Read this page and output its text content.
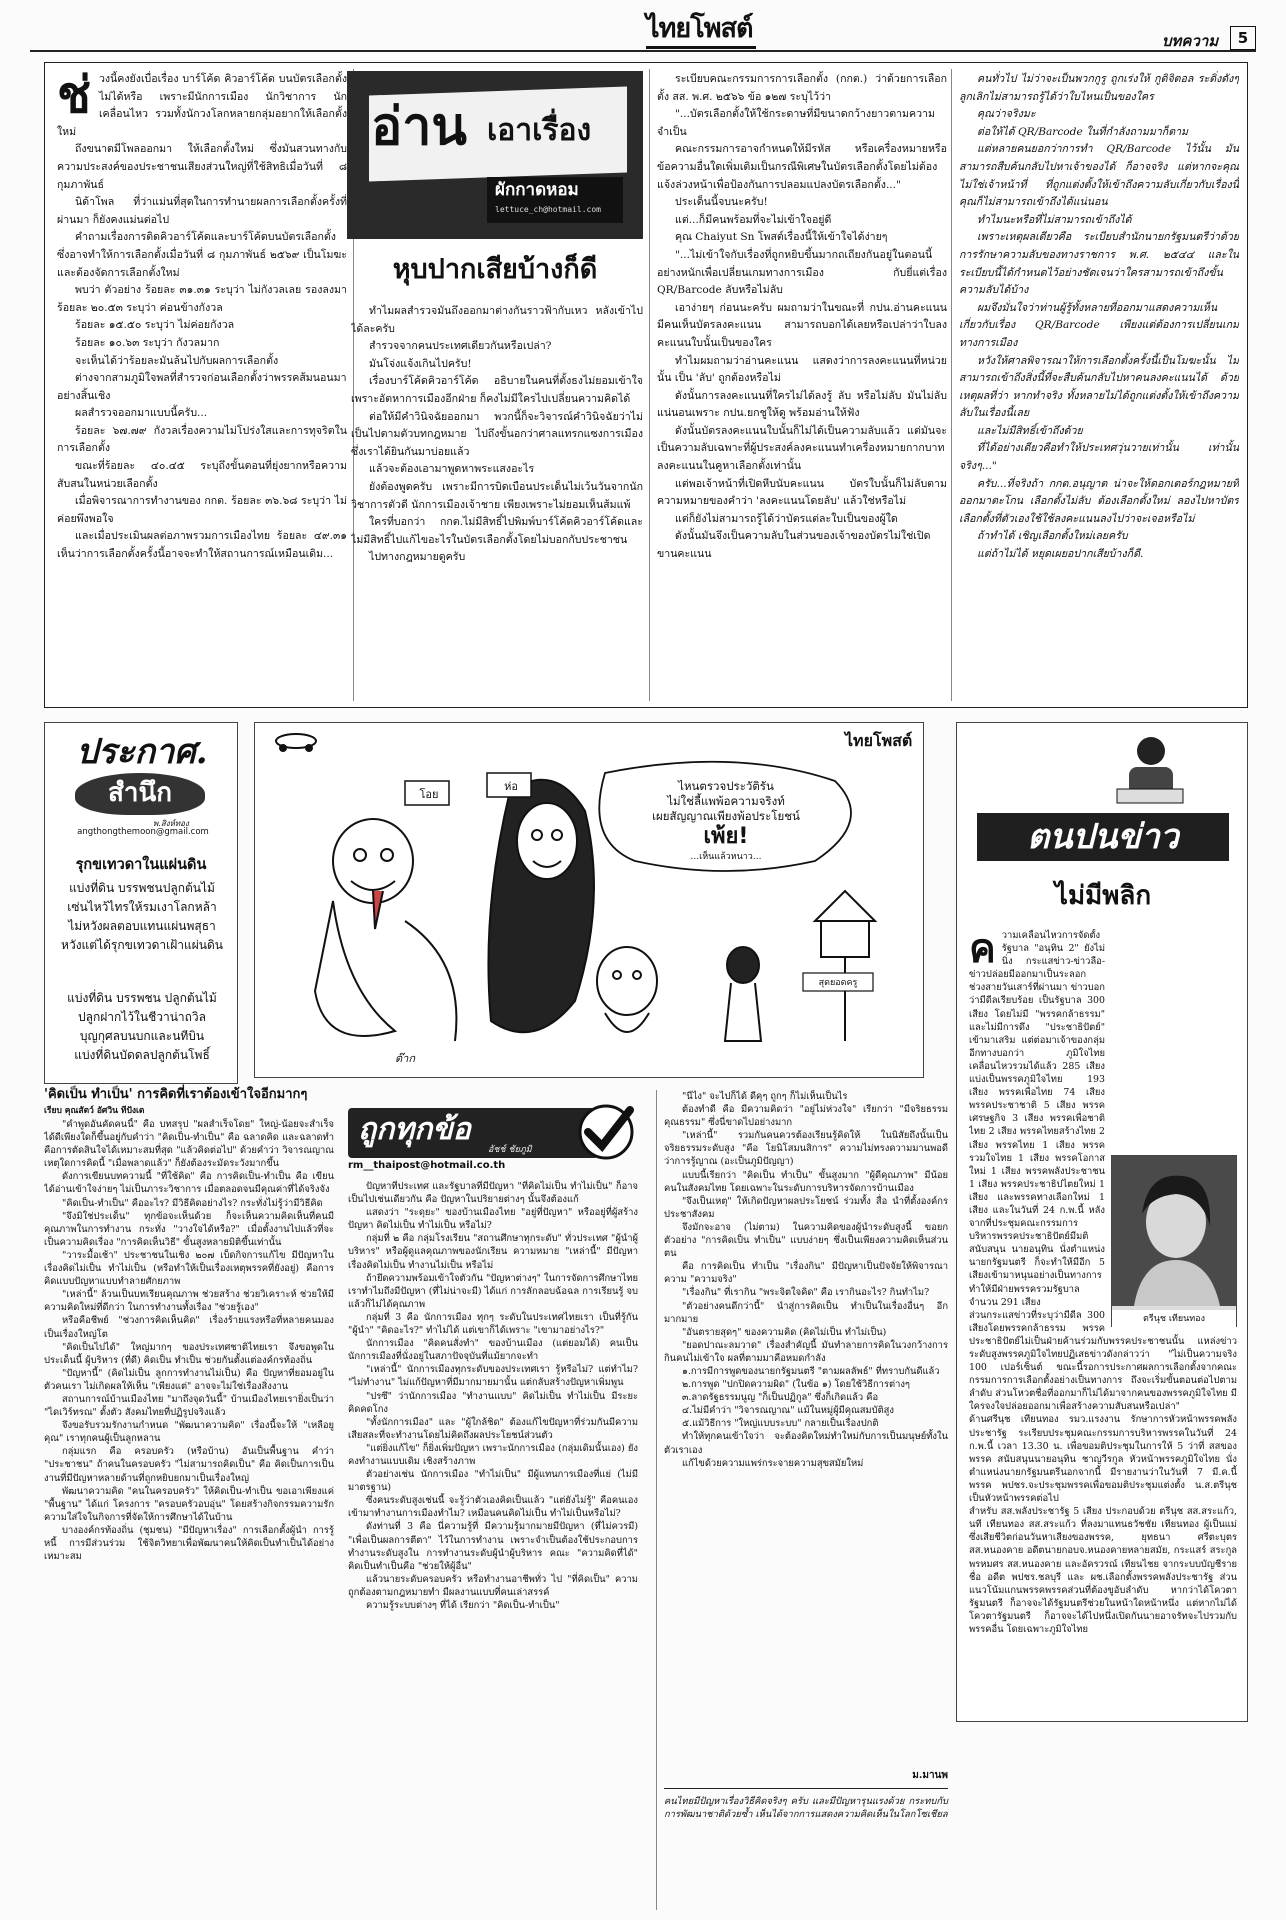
ไทยโพสต์	บทความ	5
ช่ วงนี้คงยังเบื่อเรื่อง บาร์โค้ด คิวอาร์โค้ด บนบัตรเลือกตั้ง ไม่ได้หรือ เพราะมีนักการเมือง นักวิชาการ นักเคลื่อนไหว รวมทั้งนักวงโลกหลายกลุ่มอยากให้เลือกตั้งใหม่

ถึงขนาดมีโพลออกมา ให้เลือกตั้งใหม่ ซึ่งมันสวนทางกับความประสงค์ของประชาชนเสียงส่วนใหญ่ที่ใช้สิทธิเมื่อวันที่ ๘ กุมภาพันธ์

นิด้าโพล ที่ว่าแม่นที่สุดในการทำนายผลการเลือกตั้งครั้งที่ผ่านมา ก็ยังคงแม่นต่อไป

คำถามเรื่องการติดคิวอาร์โค้ดและบาร์โค้ดบนบัตรเลือกตั้ง ซึ่งอาจทำให้การเลือกตั้งเมื่อวันที่ ๘ กุมภาพันธ์ ๒๕๖๙ เป็นโมฆะและต้องจัดการเลือกตั้งใหม่

พบว่า ตัวอย่าง ร้อยละ ๓๑.๓๑ ระบุว่า ไม่กังวลเลย รองลงมา ร้อยละ ๒๐.๕๓ ระบุว่า ค่อนข้างกังวล

ร้อยละ ๑๕.๕๐ ระบุว่า ไม่ค่อยกังวล

ร้อยละ ๑๐.๖๓ ระบุว่า กังวลมาก

จะเห็นได้ว่าร้อยละมันล้นไปกับผลการเลือกตั้ง

ต่างจากสามภูมิใจพลที่สำรวจก่อนเลือกตั้งว่าพรรคส้มนอนมาอย่างสิ้นเชิง

ผลสำรวจออกมาแบบนี้ครับ...

ร้อยละ ๖๗.๗๙ กังวลเรื่องความไม่โปร่งใสและการทุจริตในการเลือกตั้ง

ขณะที่ร้อยละ ๔๐.๔๕ ระบุถึงขั้นตอนที่ยุ่งยากหรือความสับสนในหน่วยเลือกตั้ง

เมื่อพิจารณาการทำงานของ กกต. ร้อยละ ๓๖.๖๘ ระบุว่า ไม่ค่อยพึงพอใจ

และเมื่อประเมินผลต่อภาพรวมการเมืองไทย ร้อยละ ๔๙.๓๑ เห็นว่าการเลือกตั้งครั้งนี้อาจจะทำให้สถานการณ์เหมือนเดิม...

อ่าน เอาเรื่อง
ผักกาดหอม
lettuce_ch@hotmail.com
หุบปากเสียบ้างก็ดี

ทำไมผลสำรวจมันถึงออกมาต่างกันราวฟ้ากับเหว หลังเข้าไปได้ละครับ

สำรวจจากคนประเทศเดียวกันหรือเปล่า?

มันโจ่งแจ้งเกินไปครับ!

เรื่องบาร์โค้ดคิวอาร์โค้ด อธิบายในคนที่ตั้งธงไม่ยอมเข้าใจเพราะอัตหาการเมืองอีกฝ่าย ก็คงไม่มีใครไปเปลี่ยนความคิดได้

ต่อให้มีคำวินิจฉัยออกมา พวกนี้ก็จะวิจารณ์คำวินิจฉัยว่าไม่เป็นไปตามตัวบทกฎหมาย ไปถึงขั้นอกว่าศาลแทรกแซงการเมือง ซึ่งเราได้ยินกันมาบ่อยแล้ว

แล้วจะต้องเอามาพูดหาพระแสงอะไร

ยังต้องพูดครับ เพราะมีการบิดเบือนประเด็นไม่เว้นวันจากนักวิชาการตัวดี นักการเมืองเจ้าชาย เพียงเพราะไม่ยอมเห็นส้มแพ้

ใครที่บอกว่า กกต.ไม่มีสิทธิ์ไปพิมพ์บาร์โค้ดคิวอาร์โค้ดและไม่มีสิทธิ์ไปแก้ไขอะไรในบัตรเลือกตั้งโดยไม่บอกกับประชาชน

ไปทางกฎหมายดูครับ

ระเบียบคณะกรรมการการเลือกตั้ง (กกต.) ว่าด้วยการเลือกตั้ง สส. พ.ศ. ๒๕๖๖ ข้อ ๑๒๗ ระบุไว้ว่า

"...บัตรเลือกตั้งให้ใช้กระดาษที่มีขนาดกว้างยาวตามความจำเป็น

คณะกรรมการอาจกำหนดให้มีรหัส หรือเครื่องหมายหรือข้อความอื่นใดเพิ่มเติมเป็นกรณีพิเศษในบัตรเลือกตั้งโดยไม่ต้องแจ้งล่วงหน้าเพื่อป้องกันการปลอมแปลงบัตรเลือกตั้ง..."

ประเด็นนี้จบนะครับ!

แต่...ก็มีคนพร้อมที่จะไม่เข้าใจอยู่ดี

คุณ Chaiyut Sn โพสต์เรื่องนี้ให้เข้าใจได้ง่ายๆ

"...ไม่เข้าใจกับเรื่องที่ถูกหยิบขึ้นมากถเถียงกันอยู่ในตอนนี้อย่างหนักเพื่อเปลี่ยนเกมทางการเมือง กับยี่แต่เรื่อง QR/Barcode ลับหรือไม่ลับ

เอาง่ายๆ ก่อนนะครับ ผมถามว่าในขณะที่ กปน.อ่านคะแนนมีคนเห็นบัตรลงคะแนน สามารถบอกได้เลยหรือเปล่าว่าใบลงคะแนนใบนั้นเป็นของใคร

ทำไมผมถามว่าอ่านคะแนน แสดงว่าการลงคะแนนที่หน่วยนั้น เป็น 'ลับ' ถูกต้องหรือไม่

ดังนั้นการลงคะแนนที่ใครไม่ได้ลงรู้ ลับ หรือไม่ลับ มันไม่ลับแน่นอนเพราะ กปน.ยกชูให้ดู พร้อมอ่านให้ฟัง

ดังนั้นบัตรลงคะแนนใบนั้นก็ไม่ได้เป็นความลับแล้ว แต่มันจะเป็นความลับเฉพาะที่ผู้ประสงค์ลงคะแนนทำเครื่องหมายกากบาทลงคะแนนในคูหาเลือกตั้งเท่านั้น

แต่พอเจ้าหน้าที่เปิดหีบนับคะแนน บัตรใบนั้นก็ไม่ลับตามความหมายของคำว่า 'ลงคะแนนโดยลับ' แล้วใช่หรือไม่

แต่ก็ยังไม่สามารถรู้ได้ว่าบัตรแต่ละใบเป็นของผู้ใด

ดังนั้นมันจึงเป็นความลับในส่วนของเจ้าของบัตรไม่ใช่เปิดขานคะแนน

คนทั่วไป ไม่ว่าจะเป็นพวกกูรู ถูกเร่งให้ กูดิจิตอล ระดิ่งดังๆ ลูกเลิกไม่สามารถรู้ได้ว่าใบไหนเป็นของใคร

คุณว่าจริงมะ

ต่อให้ได้ QR/Barcode ในที่กำลังถามมาก็ตาม

แต่หลายคนยอกว่าการทำ QR/Barcode ไว้นั้น มันสามารถสืบค้นกลับไปหาเจ้าของได้ ก็อาจจริง แต่หากจะคุณไม่ใช่เจ้าหน้าที่ ที่ถูกแต่งตั้งให้เข้าถึงความลับเกี่ยวกับเรื่องนี้ คุณก็ไม่สามารถเข้าถึงได้แน่นอน

ทำไมนะหรือที่ไม่สามารถเข้าถึงได้

เพราะเหตุผลเดียวคือ ระเบียบสำนักนายกรัฐมนตรีว่าด้วยการรักษาความลับของทางราชการ พ.ศ. ๒๕๔๔ และในระเบียบนี้ได้กำหนดไว้อย่างชัดเจนว่าใครสามารถเข้าถึงขั้นความลับได้บ้าง

ผมจึงมั่นใจว่าท่านผู้รู้ทั้งหลายที่ออกมาแสดงความเห็นเกี่ยวกับเรื่อง QR/Barcode เพียงแต่ต้องการเปลี่ยนเกมทางการเมือง

หวังให้ศาลพิจารณาให้การเลือกตั้งครั้งนี้เป็นโมฆะนั้น ไม่สามารถเข้าถึงสิ่งนี้ที่จะสืบค้นกลับไปหาคนลงคะแนนได้ ด้วยเหตุผลที่ว่า หากทำจริง ทั้งหลายไม่ได้ถูกแต่งตั้งให้เข้าถึงความลับในเรื่องนี้เลย

และไม่มีสิทธิ์เข้าถึงด้วย

ที่ได้อย่างเดียวคือทำให้ประเทศวุ่นวายเท่านั้น เท่านั้นจริงๆ..."

ครับ...ที่จริงถ้า กกต.อนุญาต น่าจะให้ดอกเตอร์กฎหมายที่ออกมาตะโกน เลือกตั้งไม่ลับ ต้องเลือกตั้งใหม่ ลองไปหาบัตรเลือกตั้งที่ตัวเองใช้ใช้ลงคะแนนลงไปว่าจะเจอหรือไม่

ถ้าทำได้ เชิญเลือกตั้งใหม่เลยครับ

แต่ถ้าไม่ได้ หยุดเผยอปากเสียบ้างก็ดี.

ประกาศ.
สำนึก
พ.สิงห์ทอง
angthongthemoon@gmail.com
รุกขเทวดาในแผ่นดิน
แบ่งที่ดิน บรรพชนปลูกต้นไม้
เซ่นไหว้ไทรให้รมเงาโลกหล้า
ไม่หวังผลตอบแทนแผ่นพสุธา
หวังแต่ได้รุกขเทวดาเฝ้าแผ่นดิน
แบ่งที่ดิน บรรพชน ปลูกต้นไม้
ปลูกฝากไว้ในชีวาน่าถวิล
บุญกุศลบนบกและนทีบิน
แบ่งที่ดินบัดดลปลูกต้นโพธิ์
ไทยโพสต์
โอย
ห่อ	ไหนตรวจประวัติรัน
ไม่ใช่ลี้แพพ้อความจริงท์
เผยสัญญาณเพียงพ้อประโยชน์
เพ้ย!
...เห็นแล้วหนาว...
สุดยอดครู
ต๊าก
ตนปนข่าว
ไม่มีพลิก
ค
ตรีนุช เทียนทอง

วามเคลื่อนไหวการจัดตั้งรัฐบาล "อนุทิน 2" ยังไม่นิ่ง กระแสข่าว-ข่าวลือ-ข่าวปล่อยมีออกมาเป็นระลอก ช่วงสายวันเสาร์ที่ผ่านมา ข่าวบอกว่ามีดีลเรียบร้อย เป็นรัฐบาล 300 เสียง โดยไม่มี "พรรคกล้าธรรม" และไม่มีการดึง "ประชาธิปัตย์" เข้ามาเสริม แต่ต่อมาเจ้าของกลุ่มอีกทางบอกว่า ภูมิใจไทยเคลื่อนไหวรวมได้แล้ว 285 เสียง แบ่งเป็นพรรคภูมิใจไทย 193 เสียง พรรคเพื่อไทย 74 เสียง พรรคประชาชาติ 5 เสียง พรรคเศรษฐกิจ 3 เสียง พรรคเพื่อชาติไทย 2 เสียง พรรคไทยสร้างไทย 2 เสียง พรรคไทย 1 เสียง พรรครวมใจไทย 1 เสียง พรรคโอกาสใหม่ 1 เสียง พรรคพลังประชาชน 1 เสียง พรรคประชาธิปไตยใหม่ 1 เสียง และพรรคทางเลือกใหม่ 1 เสียง และในวันที่ 24 ก.พ.นี้ หลังจากที่ประชุมคณะกรรมการบริหารพรรคประชาธิปัตย์มีมติสนับสนุน นายอนุทิน นั่งตำแหน่งนายกรัฐมนตรี ก็จะทำให้มีอีก 5 เสียงเข้ามาหนุนอย่างเป็นทางการ ทำให้มีฝ่ายพรรครวมรัฐบาลจำนวน 291 เสียง

ส่วนกระแสข่าวที่ระบุว่ามีดีล 300 เสียงโดยพรรคกล้าธรรม พรรคประชาธิปัตย์ไม่เป็นฝ่ายค้านร่วมกับพรรคประชาชนนั้น แหล่งข่าวระดับสูงพรรคภูมิใจไทยปฏิเสธข่าวดังกล่าวว่า "ไม่เป็นความจริง 100 เปอร์เซ็นต์ ขณะนี้รอการประกาศผลการเลือกตั้งจากคณะกรรมการการเลือกตั้งอย่างเป็นทางการ ถึงจะเริ่มขั้นตอนต่อไปตามลำดับ ส่วนโหวตชื่อที่ออกมาก็ไม่ได้มาจากคนของพรรคภูมิใจไทย มีใครจงใจปล่อยออกมาเพื่อสร้างความสับสนหรือเปล่า"

ด้านศรีนุช เทียนทอง รมว.แรงงาน รักษาการหัวหน้าพรรคพลังประชารัฐ ระเรียบประชุมคณะกรรมการบริหารพรรคในวันที่ 24 ก.พ.นี้ เวลา 13.30 น. เพื่อขอมติประชุมในการให้ 5 ว่าที่ สสของพรรค สนับสนุนนายอนุทิน ชาญวีรกูล หัวหน้าพรรคภูมิใจไทย นั่งตำแหน่งนายกรัฐมนตรีนอกจากนี้ มีรายงานว่าในวันที่ 7 มี.ค.นี้ พรรค พปชร.จะประชุมพรรคเพื่อขอมติประชุมแต่งตั้ง น.ส.ตรีนุช เป็นหัวหน้าพรรคต่อไป

สำหรับ สส.พลังประชารัฐ 5 เสียง ประกอบด้วย ตรีนุช สส.สระแก้ว, นที เทียนทอง สส.สระแก้ว ที่ลงมาแทนธวัชชัย เทียนทอง ผู้เป็นแม่ ซึ่งเสียชีวิตก่อนวันหาเสียงของพรรค, ยุทธนา ศรีตะบุตร สส.หนองคาย อดีตนายกอบจ.หนองคายหลายสมัย, กระแสร์ สระกูลพรหมศร สส.หนองคาย และอัครวรณ์ เทียนไชย จากระบบบัญชีรายชื่อ อดีต พปชร.ชลบุรี และ ผช.เลือกตั้งพรรคพลังประชารัฐ ส่วนแนวโน้มแกนพรรคพรรคส่วนที่ต้องขูอับลำดับ หากว่าได้โควตารัฐมนตรี ก็อาจจะได้รัฐมนตรีช่วยในหน้าใดหน้าหนึ่ง แต่หากไม่ได้โควตารัฐมนตรี ก็อาจจะได้ไปหนึ่งเปิดกันนายอาจรัทจะไปรวมกับพรรคอื่น โดยเฉพาะภูมิใจไทย

'คิดเป็น ทำเป็น' การคิดที่เราต้องเข้าใจอีกมากๆ
เรียบ คุณสัตว์ อัศวิน ทีปังเต

"คำพูดอันคัดคนนี้" คือ บทสรุป "ผลสำเร็จโดย" ใหญ่-น้อยจะสำเร็จได้ดีเพียงใดก็ขึ้นอยู่กับคำว่า "คิดเป็น-ทำเป็น" คือ ฉลาดคิด และฉลาดทำ คือการตัดสินใจได้เหมาะสมที่สุด "แล้วคิดต่อไป" ด้วยคำว่า วิจารณญาณ เหตุใดการคิดนี้ "เมื่อพลาดแล้ว" ก็ยังต้องระมัดระวังมากขึ้น

ดังการเขียนบทความนี้ "ที่ใช้คิด" คือ การคิดเป็น-ทำเป็น คือ เขียนได้อ่านเข้าใจง่ายๆ ไม่เป็นภาระวิชาการ เมื่อตลอดจนมีคุณค่าที่ได้จริงจัง

"คิดเป็น-ทำเป็น" คืออะไร? มีวิธีคิดอย่างไร? กระทั่งไม่รู้ว่ามีวิธีคิด

"จึงมิใช่ประเด็น" ทุกข้อจะเห็นด้วย ก็จะเห็นความคิดเห็นที่คนมีคุณภาพในการทำงาน กระทั่ง "วางใจได้หรือ?" เมื่อตั้งงานไปแล้วที่จะเป็นความคิดเรื่อง "การคิดเห็นวิธี" ขั้นสูงหลายมิติขึ้นเท่านั้น

"วาระมื้อเช้า" ประชาชนในเชิง ๒๐๗ เบ็ดกิจการแก้ไข มีปัญหาในเรื่องคิดไม่เป็น ทำไม่เป็น (หรือทำให้เป็นเรื่องเหตุพรรคที่ยังอยู่) คือการคิดแบบปัญหาแบบทำลายศักยภาพ

"เหล่านี้" ล้วนเป็นบทเรียนคุณภาพ ช่วยสร้าง ช่วยวิเคราะห์ ช่วยให้มีความคิดใหม่ที่ดีกว่า ในการทำงานทั้งเรื่อง "ช่วยรู้เอง"

หรือคือชีพย์ "ช่วงการคิดเห็นคิด" เรื่องร้ายแรงหรือที่หลายคนมองเป็นเรื่องใหญ่โต

"คิดเป็นไปได้" ใหญ่มากๆ ของประเทศชาติไทยเรา จึงขอพูดในประเด็นนี้ ผู้บริหาร (ที่ดี) คิดเป็น ทำเป็น ช่วยกันตั้งแต่องค์กรท้องถิ่น

"ปัญหานี้" (คิดไม่เป็น ลูกการทำงานไม่เป็น) คือ ปัญหาที่ยอมอยู่ในตัวคนเรา ไม่เกิดผลให้เห็น "เพียงแต่" อาจจะไม่ใช่เรื่องสิ่งงาน

สถานการณ์บ้านเมืองไทย "มาถึงจุดวันนี้" บ้านเมืองไทยเรายิ่งเป็นว่า "ไดเวิร์ทรณ" ตั้งตัว สังคมไทยที่ปฏิรูปจริงแล้ว

จึงขอรับรวมรักงานกำหนด "พัฒนาความคิด" เรื่องนี้จะให้ "เหลือยูคุณ" เราทุกคนผู้เป็นลูกหลาน

กลุ่มแรก คือ ครอบครัว (หรือบ้าน) อันเป็นพื้นฐาน คำว่า "ประชาชน" ถ้าคนในครอบครัว "ไม่สามารถคิดเป็น" คือ คิดเป็นการเป็นงานที่มีปัญหาหลายด้านที่ถูกหยิบยกมาเป็นเรื่องใหญ่

พัฒนาความคิด "คนในครอบครัว" ให้คิดเป็น-ทำเป็น ขอเอาเพียงแค่ "พื้นฐาน" ได้แก่ โครงการ "ครอบครัวอบอุ่น" โดยสร้างกิจกรรมความรัก ความใส่ใจในกิจการที่จัดให้การศึกษาได้ในบ้าน

บางองค์กรท้องถิ่น (ชุมชน) "มีปัญหาเรื่อง" การเลือกตั้งผู้นำ การรู้หนี้ การมีส่วนร่วม ใช้จิตวิทยาเพื่อพัฒนาคนให้คิดเป็นทำเป็นได้อย่างเหมาะสม

ถูกทุกข้อ
อัชช์ ชัยภูมิ
rm__thaipost@hotmail.co.th

ปัญหาที่ประเทศ และรัฐบาลที่มีปัญหา "ที่คิดไม่เป็น ทำไม่เป็น" ก็อาจเป็นไปเช่นเดียวกัน คือ ปัญหาในปริยายต่างๆ นั้นจึงต้องแก้

แสดงว่า "ระดุยะ" ของบ้านเมืองไทย "อยู่ที่ปัญหา" หรืออยู่ที่ผู้สร้างปัญหา คิดไม่เป็น ทำไม่เป็น หรือไม่?

กลุ่มที่ ๒ คือ กลุ่มโรงเรียน "สถานศึกษาทุกระดับ" ทั่วประเทศ "ผู้นำผู้บริหาร" หรือผู้ดูแลคุณภาพของนักเรียน ความหมาย "เหล่านี้" มีปัญหาเรื่องคิดไม่เป็น ทำงานไม่เป็น หรือไม่

ถ้ายึดความพร้อมเข้าใจตัวกัน "ปัญหาต่างๆ" ในการจัดการศึกษาไทยเราทำไมถึงมีปัญหา (ที่ไม่น่าจะมี) ได้แก่ การลักลอบฉ้อฉล การเรียนรู้ จบแล้วก็ไม่ได้คุณภาพ

กลุ่มที่ 3 คือ นักการเมือง ทุกๆ ระดับในประเทศไทยเรา เป็นที่รู้กัน "ผู้นำ" "คิดอะไร?" ทำไม่ได้ แต่เขาก็ได้เพราะ "เขามาอย่างไร?"

นักการเมือง "คิดคนสั่งทำ" ของบ้านเมือง (แต่ยอมได้) คนเป็นนักการเมืองที่นั่งอยู่ในสภาปัจจุบันที่แม้ยากจะทำ

"เหล่านี้" นักการเมืองทุกระดับของประเทศเรา รู้หรือไม่? แต่ทำไม? "ไม่ทำงาน" ไม่แก้ปัญหาที่มีมากมายมานั้น แต่กลับสร้างปัญหาเพิ่มพูน

"ปรซึ" ว่านักการเมือง "ทำงานแบบ" คิดไม่เป็น ทำไม่เป็น มีระยะคิดคดโกง

"ทั้งนักการเมือง" และ "ผู้ใกล้ชิด" ต้องแก้ไขปัญหาที่ร่วมกันมีความเสียสละที่จะทำงานโดยไม่คิดถึงผลประโยชน์ส่วนตัว

"แต่ยิ่งแก้ไข" ก็ยิ่งเพิ่มปัญหา เพราะนักการเมือง (กลุ่มเดิมนั้นเอง) ยังคงทำงานแบบเดิม เชิงสร้างภาพ

ตัวอย่างเช่น นักการเมือง "ทำไม่เป็น" มีผู้แทนการเมืองที่แย่ (ไม่มีมาตรฐาน)

ซึ่งคนระดับสูงเช่นนี้ จะรู้ว่าตัวเองคิดเป็นแล้ว "แต่ยังไม่รู้" คือคนเองเข้ามาทำงานการเมืองทำไม? เหมือนคนคิดไม่เป็น ทำไม่เป็นหรือไม่?

ดังท่านที่ 3 คือ นี่ความรู้ที่ มีความรู้มากมายมีปัญหา (ที่ไม่ควรมี) "เพื่อเป็นผลการตีตา" ไว้ในการทำงาน เพราะจำเป็นต้องใช้ประกอบการทำงานระดับสูงใน การทำงานระดับผู้นำผู้บริหาร คณะ "ความคิดที่ได้" คิดเป็นทำเป็นคือ "ช่วยให้ผู้อื่น"

แล้วนายระดับครอบครัว หรือทำงานอาชีพทั่ว ไป "ที่คิดเป็น" ความถูกต้องตามกฎหมายทำ มีผลงานแบบที่คนเล่าสรรค์

ความรู้ระบบต่างๆ ที่ได้ เรียกว่า "คิดเป็น-ทำเป็น"

"นี่ไง" จะไปก็ได้ ดีคุๆ ถูกๆ ก็ไม่เห็นเป็นไร

ต้องทำดี คือ มีความคิดว่า "อยู่ไม่ห่วงใจ" เรียกว่า "มีจริยธรรมคุณธรรม" ซึ่งนี่ขาดไปอย่างมาก

"เหล่านี้" รวมกันคนควรต้องเรียนรู้คิดให้ ในนิสัยถึงนั้นเป็นจริยธรรมระดับสูง "คือ โยนิโสมนสิการ" ความไม่ทรงความมานพอดีว่าการรู้ญาณ (อะเป็นภูมิปัญญา)

แบบนี้เรียกว่า "คิดเป็น ทำเป็น" ขั้นสูงมาก "ผู้ดีคุณภาพ" มีน้อยคนในสังคมไทย โดยเฉพาะในระดับการบริหารจัดการบ้านเมือง

"จึงเป็นเหตุ" ให้เกิดปัญหาผลประโยชน์ ร่วมทั้ง สื่อ นำที่ตั้งองค์กรประชาสังคม

จึงมักจะอาจ (ไม่ตาม) ในความคิดของผู้นำระดับสูงนี้ ขอยกตัวอย่าง "การคิดเป็น ทำเป็น" แบบง่ายๆ ซึ่งเป็นเพียงความคิดเห็นส่วนตน

คือ การคิดเป็น ทำเป็น "เรื่องกิน" มีปัญหาเป็นปัจจัยให้พิจารณาความ "ความจริง"

"เรื่องกิน" ที่เรากิน "พระจิตใจคิด" คือ เรากินอะไร? กินทำไม?

"ตัวอย่างคนดีกว่านี้" นำสู่การคิดเป็น ทำเป็นในเรื่องอื่นๆ อีกมากมาย

"อันตรายสุดๆ" ของความคิด (คิดไม่เป็น ทำไม่เป็น)

"ยอดปาณะลมวาด" เรื่องสำคัญนี้ มันทำลายการคิดในวงกว้างการกินคนไม่เข้าใจ ผลที่ตามมาคือหมดกำลัง

๑.การมีการพูดของนายกรัฐมนตรี "ตามผลลัพธ์" ที่ทราบกันดีแล้ว

๒.การพูด "ปกปิดความผิด" (ในข้อ ๑) โดยใช้วิธีการต่างๆ

๓.ลาดรัฐธรรมนูญ "ก็เป็นปฏิกูล" ซึ่งก็เกิดแล้ว คือ

๔.ไม่มีคำว่า "วิจารณญาณ" แม้ในหมู่ผู้มีคุณสมบัติสูง

๕.แม้วิธีการ "ใหญ่แบบระบบ" กลายเป็นเรื่องปกติ

ทำให้ทุกคนเข้าใจว่า จะต้องคิดใหม่ทำใหม่กับการเป็นมนุษย์ทั้งในตัวเราเอง

แก้ไขด้วยความแพร่กระจายความสุขสมัยใหม่

ม.มานพ
คนไทยมีปัญหาเรื่องวิธีคิดจริงๆ ครับ และมีปัญหารุนแรงด้วย กระทบกับการพัฒนาชาติด้วยซ้ำ เห็นได้จากการแสดงความคิดเห็นในโลกโซเชียล
